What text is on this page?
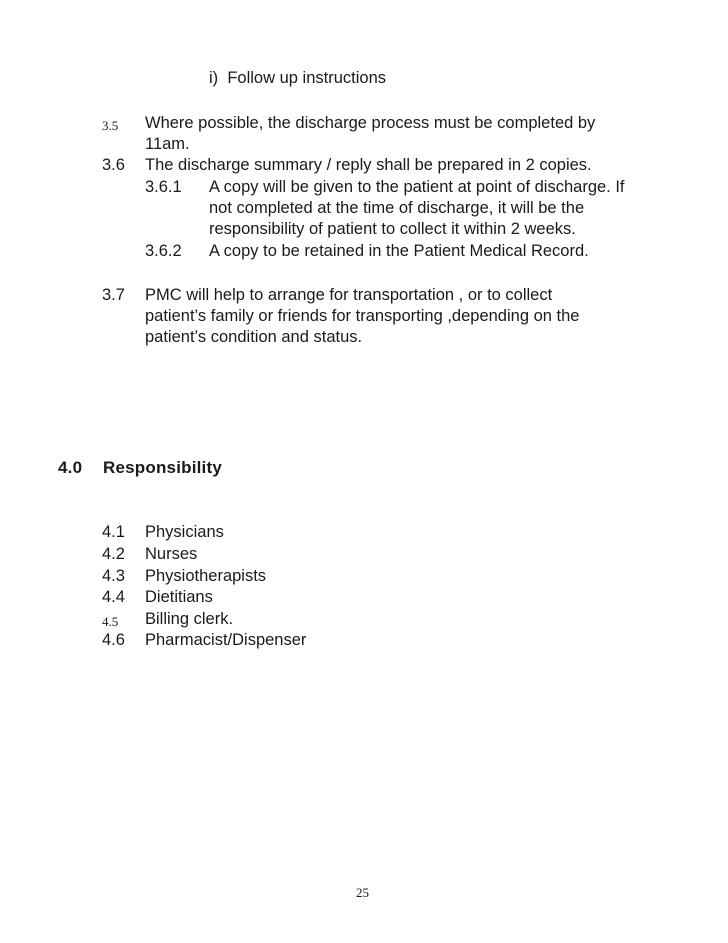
i) Follow up instructions
3.5 Where possible, the discharge process must be completed by
11am.
3.6 The discharge summary / reply shall be prepared in 2 copies.
3.6.1 A copy will be given to the patient at point of discharge. If
not completed at the time of discharge, it will be the
responsibility of patient to collect it within 2 weeks.
3.6.2 A copy to be retained in the Patient Medical Record.
3.7 PMC will help to arrange for transportation , or to collect
patient’s family or friends for transporting ,depending on the
patient’s condition and status.
4.0 Responsibility
4.1 Physicians
4.2 Nurses
4.3 Physiotherapists
4.4 Dietitians
4.5 Billing clerk.
4.6 Pharmacist/Dispenser
25
